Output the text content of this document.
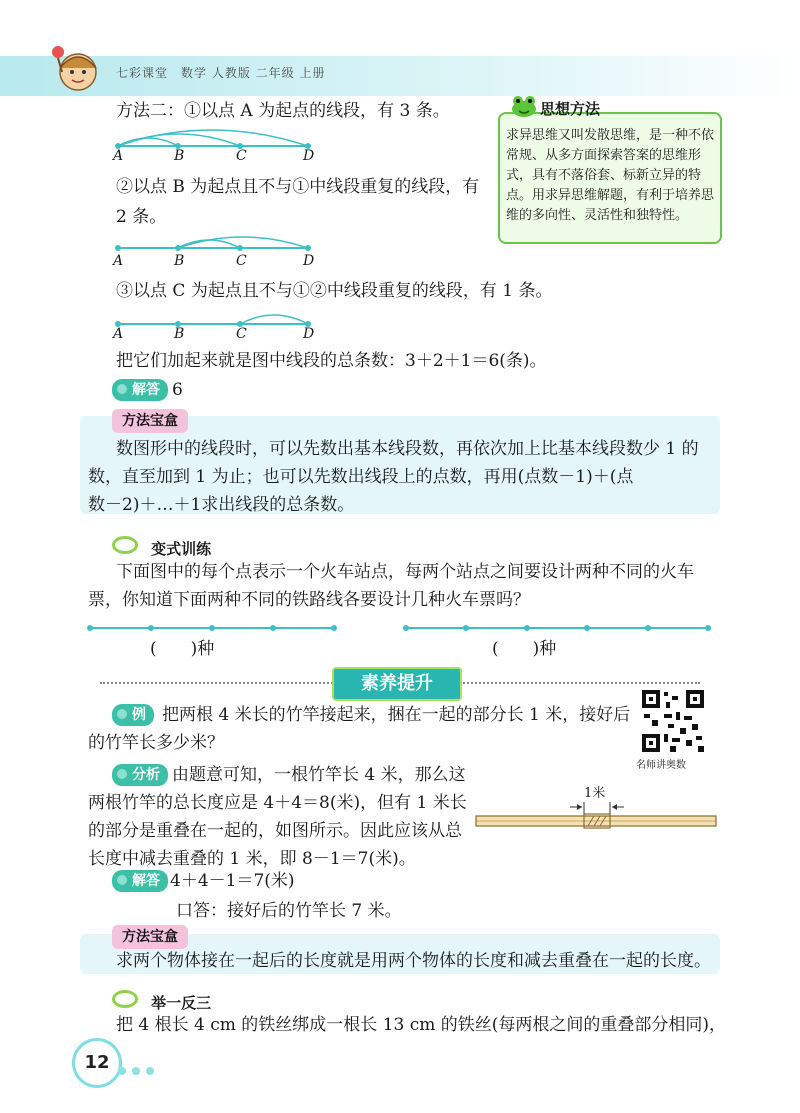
七彩课堂　数学 人教版 二年级 上册
方法二：①以点 A 为起点的线段，有 3 条。
A	B	C	D
②以点 B 为起点且不与①中线段重复的线段，有
2 条。
A	B	C	D
③以点 C 为起点且不与①②中线段重复的线段，有 1 条。
A	B	C	D
把它们加起来就是图中线段的总条数：3＋2＋1＝6(条)。
思想方法
求异思维又叫发散思维，是一种不依常规、从多方面探索答案的思维形式，具有不落俗套、标新立异的特点。用求异思维解题，有利于培养思维的多向性、灵活性和独特性。
解答 6
方法宝盒
数图形中的线段时，可以先数出基本线段数，再依次加上比基本线段数少 1 的
数，直至加到 1 为止；也可以先数出线段上的点数，再用(点数－1)＋(点
数－2)＋…＋1求出线段的总条数。
变式训练
下面图中的每个点表示一个火车站点，每两个站点之间要设计两种不同的火车
票，你知道下面两种不同的铁路线各要设计几种火车票吗？
(　　)种	(　　)种
素养提升
例 把两根 4 米长的竹竿接起来，捆在一起的部分长 1 米，接好后
的竹竿长多少米？
名师讲奥数
分析 由题意可知，一根竹竿长 4 米，那么这
两根竹竿的总长度应是 4＋4＝8(米)，但有 1 米长
的部分是重叠在一起的，如图所示。因此应该从总
长度中减去重叠的 1 米，即 8－1＝7(米)。
1米
解答 4＋4－1＝7(米)
口答：接好后的竹竿长 7 米。
方法宝盒
求两个物体接在一起后的长度就是用两个物体的长度和减去重叠在一起的长度。
举一反三
把 4 根长 4 cm 的铁丝绑成一根长 13 cm 的铁丝(每两根之间的重叠部分相同)，
12
